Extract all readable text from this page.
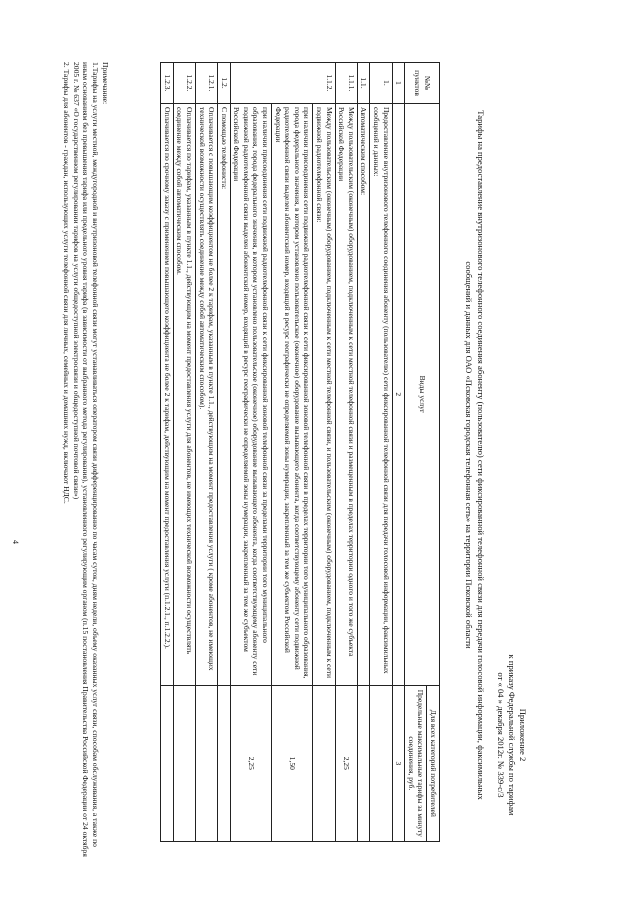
Приложение 2
к приказу Федеральной службы по тарифам
от « 04 » декабря 2012г. № 339-с/3
Тарифы на предоставление внутризонового телефонного соединения абоненту (пользователю) сети фиксированной телефонной связи для передачи голосовой информации, факсимильных
сообщений и данных для ОАО «Псковская городская телефонная сеть» на территории Псковской области
№№ пунктов	Виды услуг	Для всех категорий потребителей
		Предельные максимальные тарифы за минуту соединения, руб.
1	2	3
1.	Предоставление внутризонового телефонного соединения абоненту (пользователю) сети фиксированной телефонной связи для передачи голосовой информации, факсимильных сообщений и данных:	
1.1.	Автоматическим способом:	
1.1.1.	Между пользовательским (оконечным) оборудованием, подключенным к сети местной телефонной связи и размещенным в пределах территории одного и того же субъекта Российской Федерации	2,25
1.1.2.	Между пользовательским (оконечным) оборудованием, подключенным к сети местной телефонной связи, и пользовательским (оконечным) оборудованием, подключенным к сети подвижной радиотелефонной связи:	
	при наличии присоединения сети подвижной радиотелефонной связи к сети фиксированной зоновой телефонной связи в пределах территории того муниципального образования, города федерального значения, в котором установлено пользовательское (оконечное) оборудование вызывающего абонента, когда соответствующему абоненту сети подвижной радиотелефонной связи выделен абонентский номер, входящий в ресурс географически не определяемой зоны нумерации, закрепленный за тем же субъектом Российской Федерации	1,50
	при наличии присоединения сети подвижной радиотелефонной связи к сети фиксированной зоновой телефонной связи за пределами территории того муниципального образования, города федерального значения, в котором установлено пользовательское (оконечное) оборудование вызывающего абонента, когда соответствующему абоненту сети подвижной радиотелефонной связи выделен абонентский номер, входящий в ресурс географически не определяемой зоны нумерации, закрепленный за тем же субъектом Российской Федерации	2,25
1.2.	С помощью телефониста:	
1.2.1.	Оплачивается с повышающим коэффициентом не более 2 к тарифам, указанным в пункте 1.1., действующим на момент предоставления услуги ( кроме абонентов, не имеющих технической возможности осуществлять соединение между собой автоматическим способом).	
1.2.2.	Оплачивается по тарифам, указанным в пункте 1.1., действующим на момент предоставления услуги для абонентов, не имеющих технической возможности осуществлять соединение между собой автоматическим способом.	
1.2.3.	Оплачивается по срочному заказу с применением повышающего коэффициента не более 2 к тарифам, действующим на момент предоставления услуги (п.1.2.1., п.1.2.2.).	

Примечание:

1.Тарифы на услуги местной, междугородной и внутризоновой телефонной связи могут устанавливаться оператором связи дифференцированно по часам суток, дням недели, объему оказанных услуг связи, способам обслуживания, а также по иным основаниям без превышения тарифа или предельного уровня тарифа (в зависимости от выбранного метода регулирования), установленного регулирующим органом (п.15 постановления Правительства Российской Федерации от 24 октября 2005 г. № 637 «О государственном регулировании тарифов на услуги общедоступной электросвязи и общедоступной почтовой связи»)

2. Тарифы для абонентов - граждан, использующих услуги телефонной связи для личных, семейных и домашних нужд, включают НДС.

4
